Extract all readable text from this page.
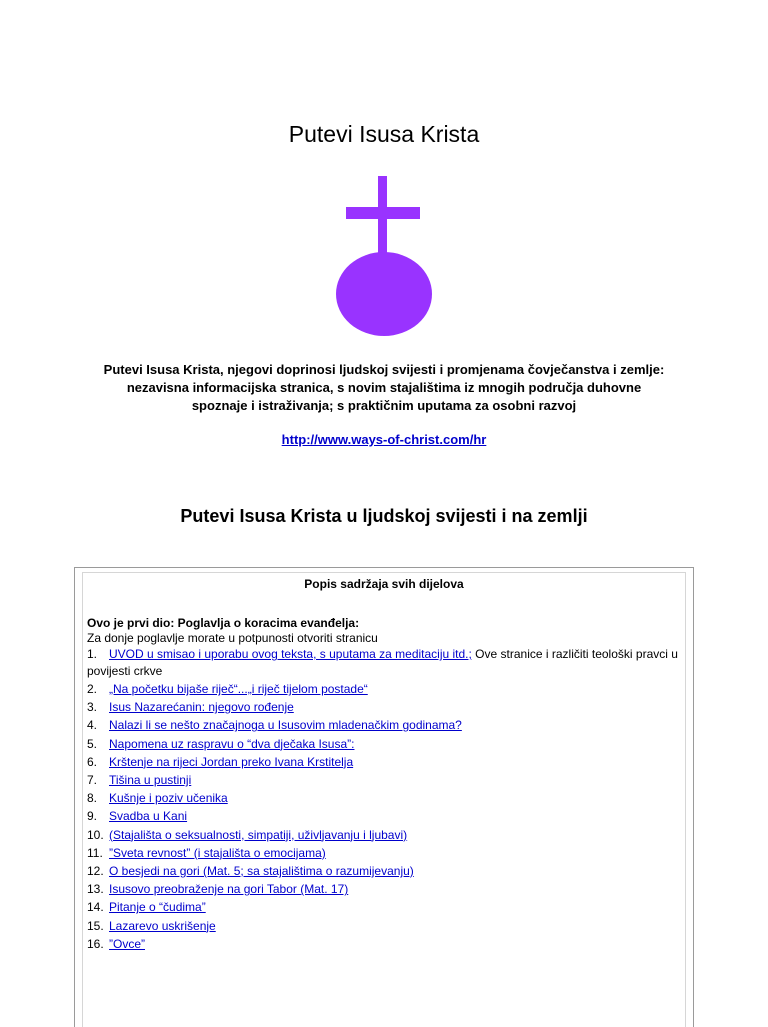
Putevi Isusa Krista
Putevi Isusa Krista, njegovi doprinosi ljudskoj svijesti i promjenama čovječanstva i zemlje:
nezavisna informacijska stranica, s novim stajalištima iz mnogih područja duhovne
spoznaje i istraživanja; s praktičnim uputama za osobni razvoj
http://www.ways-of-christ.com/hr
Putevi Isusa Krista u ljudskoj svijesti i na zemlji
Popis sadržaja svih dijelova
Ovo je prvi dio: Poglavlja o koracima evanđelja:
Za donje poglavlje morate u potpunosti otvoriti stranicu
1. UVOD u smisao i uporabu ovog teksta, s uputama za meditaciju itd.; Ove stranice i različiti teološki pravci u povijesti crkve
2. „Na početku bijaše riječ“...„i riječ tijelom postade“
3. Isus Nazarećanin: njegovo rođenje
4. Nalazi li se nešto značajnoga u Isusovim mladenačkim godinama?
5. Napomena uz raspravu o “dva dječaka Isusa”:
6. Krštenje na rijeci Jordan preko Ivana Krstitelja
7. Tišina u pustinji
8. Kušnje i poziv učenika
9. Svadba u Kani
10. (Stajališta o seksualnosti, simpatiji, uživljavanju i ljubavi)
11. ”Sveta revnost” (i stajališta o emocijama)
12. O besjedi na gori (Mat. 5; sa stajalištima o razumijevanju)
13. Isusovo preobraženje na gori Tabor (Mat. 17)
14. Pitanje o “čudima”
15. Lazarevo uskrišenje
16. ”Ovce”
